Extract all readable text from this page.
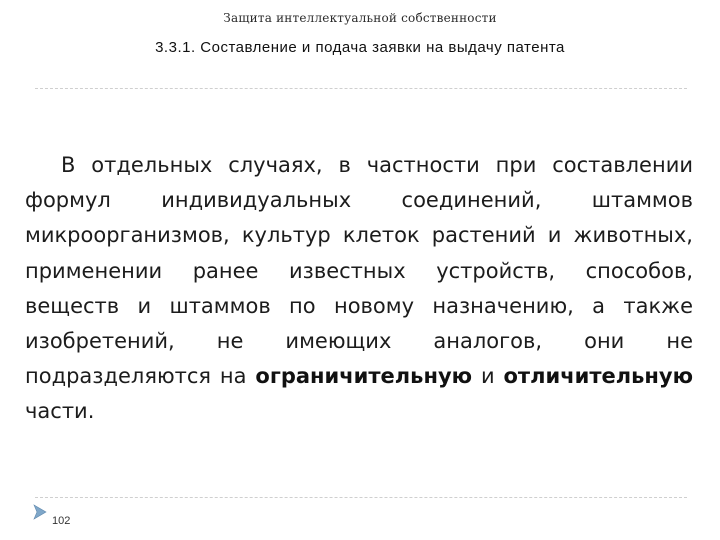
Защита интеллектуальной собственности
3.3.1. Составление и подача заявки на выдачу патента

В отдельных случаях, в частности при составлении формул индивидуальных соединений, штаммов микроорганизмов, культур клеток растений и животных, применении ранее известных устройств, способов, веществ и штаммов по новому назначению, а также изобретений, не имеющих аналогов, они не подразделяются на ограничительную и отличительную части.

102
